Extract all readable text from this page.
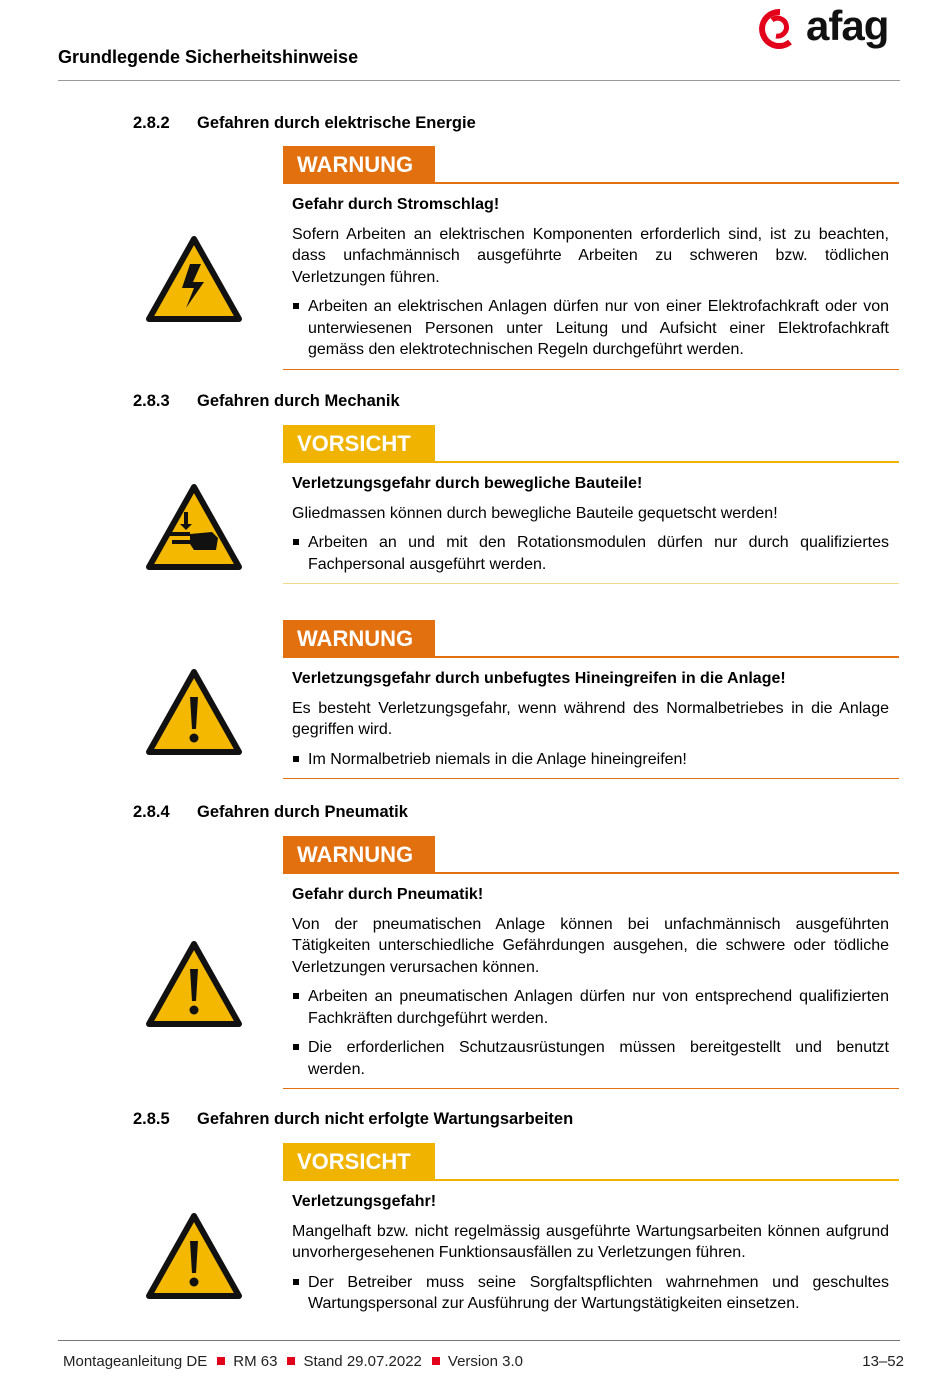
Grundlegende Sicherheitshinweise
afag
2.8.2 Gefahren durch elektrische Energie
WARNUNG

Gefahr durch Stromschlag!

Sofern Arbeiten an elektrischen Komponenten erforderlich sind, ist zu beachten, dass unfachmännisch ausgeführte Arbeiten zu schweren bzw. tödlichen Verletzungen führen.

Arbeiten an elektrischen Anlagen dürfen nur von einer Elektrofachkraft oder von unterwiesenen Personen unter Leitung und Aufsicht einer Elektrofachkraft gemäss den elektrotechnischen Regeln durchgeführt werden.
2.8.3 Gefahren durch Mechanik
VORSICHT

Verletzungsgefahr durch bewegliche Bauteile!

Gliedmassen können durch bewegliche Bauteile gequetscht werden!

Arbeiten an und mit den Rotationsmodulen dürfen nur durch qualifiziertes Fachpersonal ausgeführt werden.
WARNUNG

Verletzungsgefahr durch unbefugtes Hineingreifen in die Anlage!

Es besteht Verletzungsgefahr, wenn während des Normalbetriebes in die Anlage gegriffen wird.

Im Normalbetrieb niemals in die Anlage hineingreifen!
2.8.4 Gefahren durch Pneumatik
WARNUNG

Gefahr durch Pneumatik!

Von der pneumatischen Anlage können bei unfachmännisch ausgeführten Tätigkeiten unterschiedliche Gefährdungen ausgehen, die schwere oder tödliche Verletzungen verursachen können.

Arbeiten an pneumatischen Anlagen dürfen nur von entsprechend qualifizierten Fachkräften durchgeführt werden.
Die erforderlichen Schutzausrüstungen müssen bereitgestellt und benutzt werden.
2.8.5 Gefahren durch nicht erfolgte Wartungsarbeiten
VORSICHT

Verletzungsgefahr!

Mangelhaft bzw. nicht regelmässig ausgeführte Wartungsarbeiten können aufgrund unvorhergesehenen Funktionsausfällen zu Verletzungen führen.

Der Betreiber muss seine Sorgfaltspflichten wahrnehmen und geschultes Wartungspersonal zur Ausführung der Wartungstätigkeiten einsetzen.
Montageanleitung DE RM 63 Stand 29.07.2022 Version 3.0	13–52
